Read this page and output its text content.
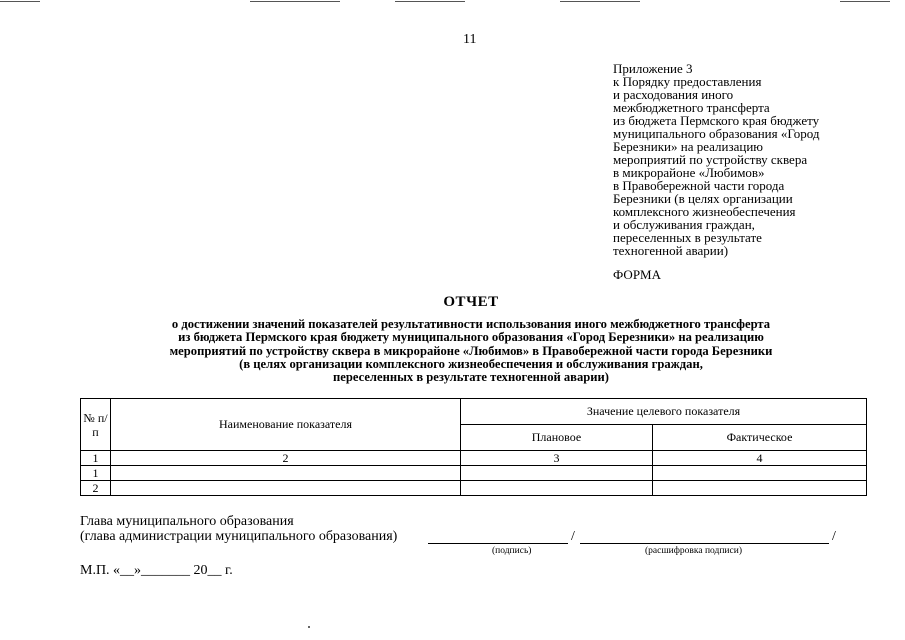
11
Приложение 3
к Порядку предоставления
и расходования иного
межбюджетного трансферта
из бюджета Пермского края бюджету
муниципального образования «Город
Березники» на реализацию
мероприятий по устройству сквера
в микрорайоне «Любимов»
в Правобережной части города
Березники (в целях организации
комплексного жизнеобеспечения
и обслуживания граждан,
переселенных в результате
техногенной аварии)
ФОРМА
ОТЧЕТ
о достижении значений показателей результативности использования иного межбюджетного трансферта
из бюджета Пермского края бюджету муниципального образования «Город Березники» на реализацию
мероприятий по устройству сквера в микрорайоне «Любимов» в Правобережной части города Березники
(в целях организации комплексного жизнеобеспечения и обслуживания граждан,
переселенных в результате техногенной аварии)
№ п/п	Наименование показателя	Значение целевого показателя	
		Плановое	Фактическое
1	2	3	4
1			
2			
Глава муниципального образования
(глава администрации муниципального образования)	/	/
(подпись)	(расшифровка подписи)
М.П. «__»_______ 20__ г.
